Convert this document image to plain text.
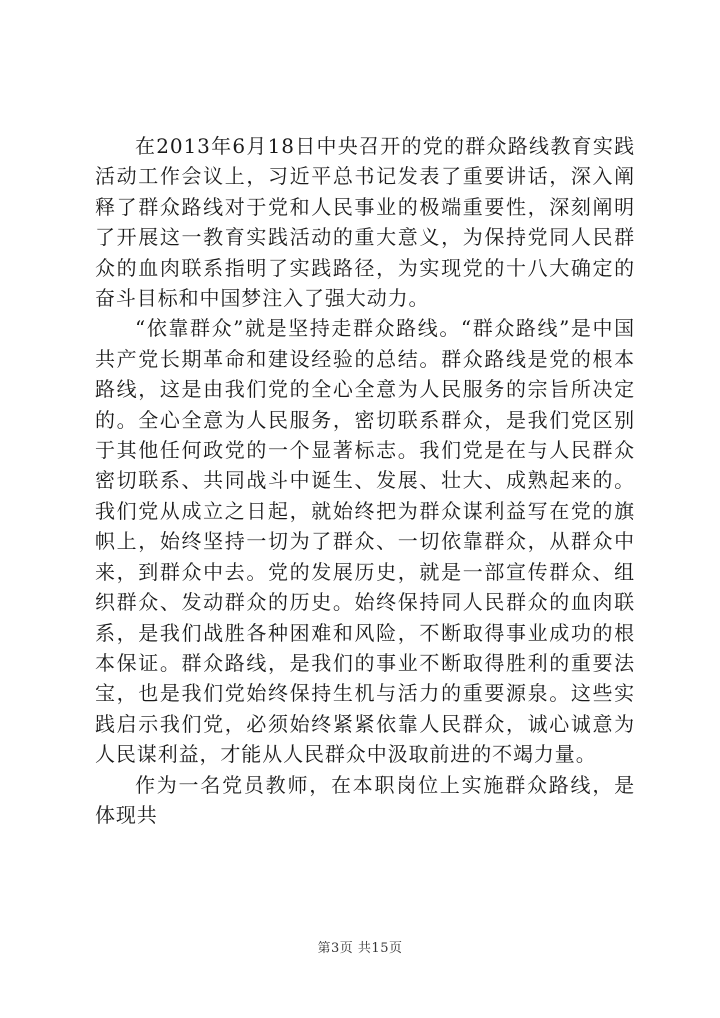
在2013年6月18日中央召开的党的群众路线教育实践活动工作会议上，习近平总书记发表了重要讲话，深入阐释了群众路线对于党和人民事业的极端重要性，深刻阐明了开展这一教育实践活动的重大意义，为保持党同人民群众的血肉联系指明了实践路径，为实现党的十八大确定的奋斗目标和中国梦注入了强大动力。

“依靠群众”就是坚持走群众路线。“群众路线”是中国共产党长期革命和建设经验的总结。群众路线是党的根本路线，这是由我们党的全心全意为人民服务的宗旨所决定的。全心全意为人民服务，密切联系群众，是我们党区别于其他任何政党的一个显著标志。我们党是在与人民群众密切联系、共同战斗中诞生、发展、壮大、成熟起来的。我们党从成立之日起，就始终把为群众谋利益写在党的旗帜上，始终坚持一切为了群众、一切依靠群众，从群众中来，到群众中去。党的发展历史，就是一部宣传群众、组织群众、发动群众的历史。始终保持同人民群众的血肉联系，是我们战胜各种困难和风险，不断取得事业成功的根本保证。群众路线，是我们的事业不断取得胜利的重要法宝，也是我们党始终保持生机与活力的重要源泉。这些实践启示我们党，必须始终紧紧依靠人民群众，诚心诚意为人民谋利益，才能从人民群众中汲取前进的不竭力量。

作为一名党员教师，在本职岗位上实施群众路线，是体现共

第3页 共15页
